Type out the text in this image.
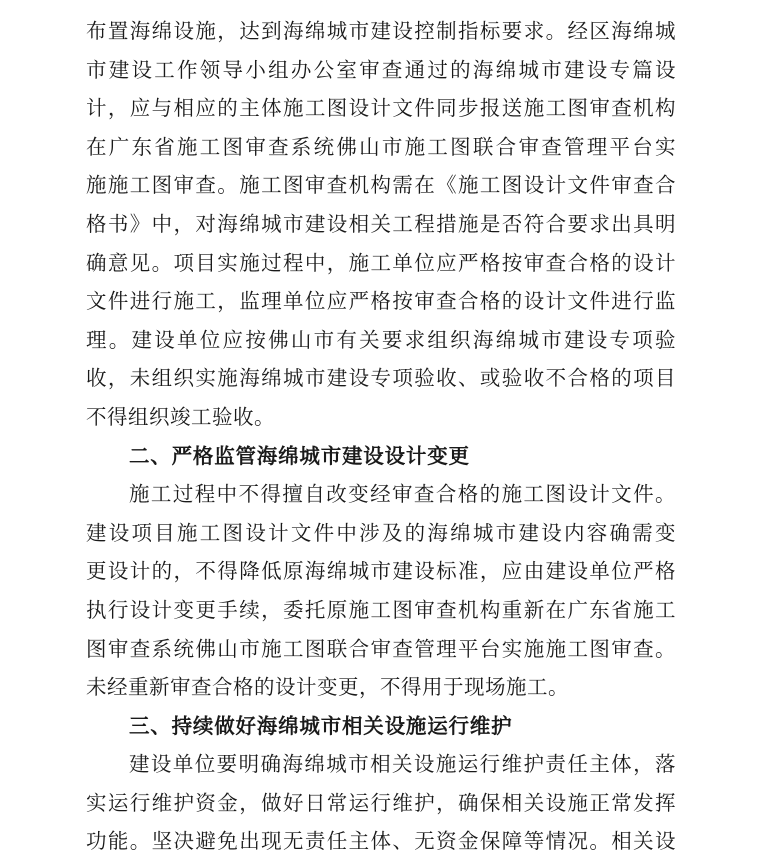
布置海绵设施，达到海绵城市建设控制指标要求。经区海绵城
市建设工作领导小组办公室审查通过的海绵城市建设专篇设
计，应与相应的主体施工图设计文件同步报送施工图审查机构
在广东省施工图审查系统佛山市施工图联合审查管理平台实
施施工图审查。施工图审查机构需在《施工图设计文件审查合
格书》中，对海绵城市建设相关工程措施是否符合要求出具明
确意见。项目实施过程中，施工单位应严格按审查合格的设计
文件进行施工，监理单位应严格按审查合格的设计文件进行监
理。建设单位应按佛山市有关要求组织海绵城市建设专项验
收，未组织实施海绵城市建设专项验收、或验收不合格的项目
不得组织竣工验收。
二、严格监管海绵城市建设设计变更
施工过程中不得擅自改变经审查合格的施工图设计文件。
建设项目施工图设计文件中涉及的海绵城市建设内容确需变
更设计的，不得降低原海绵城市建设标准，应由建设单位严格
执行设计变更手续，委托原施工图审查机构重新在广东省施工
图审查系统佛山市施工图联合审查管理平台实施施工图审查。
未经重新审查合格的设计变更，不得用于现场施工。
三、持续做好海绵城市相关设施运行维护
建设单位要明确海绵城市相关设施运行维护责任主体，落
实运行维护资金，做好日常运行维护，确保相关设施正常发挥
功能。坚决避免出现无责任主体、无资金保障等情况。相关设
